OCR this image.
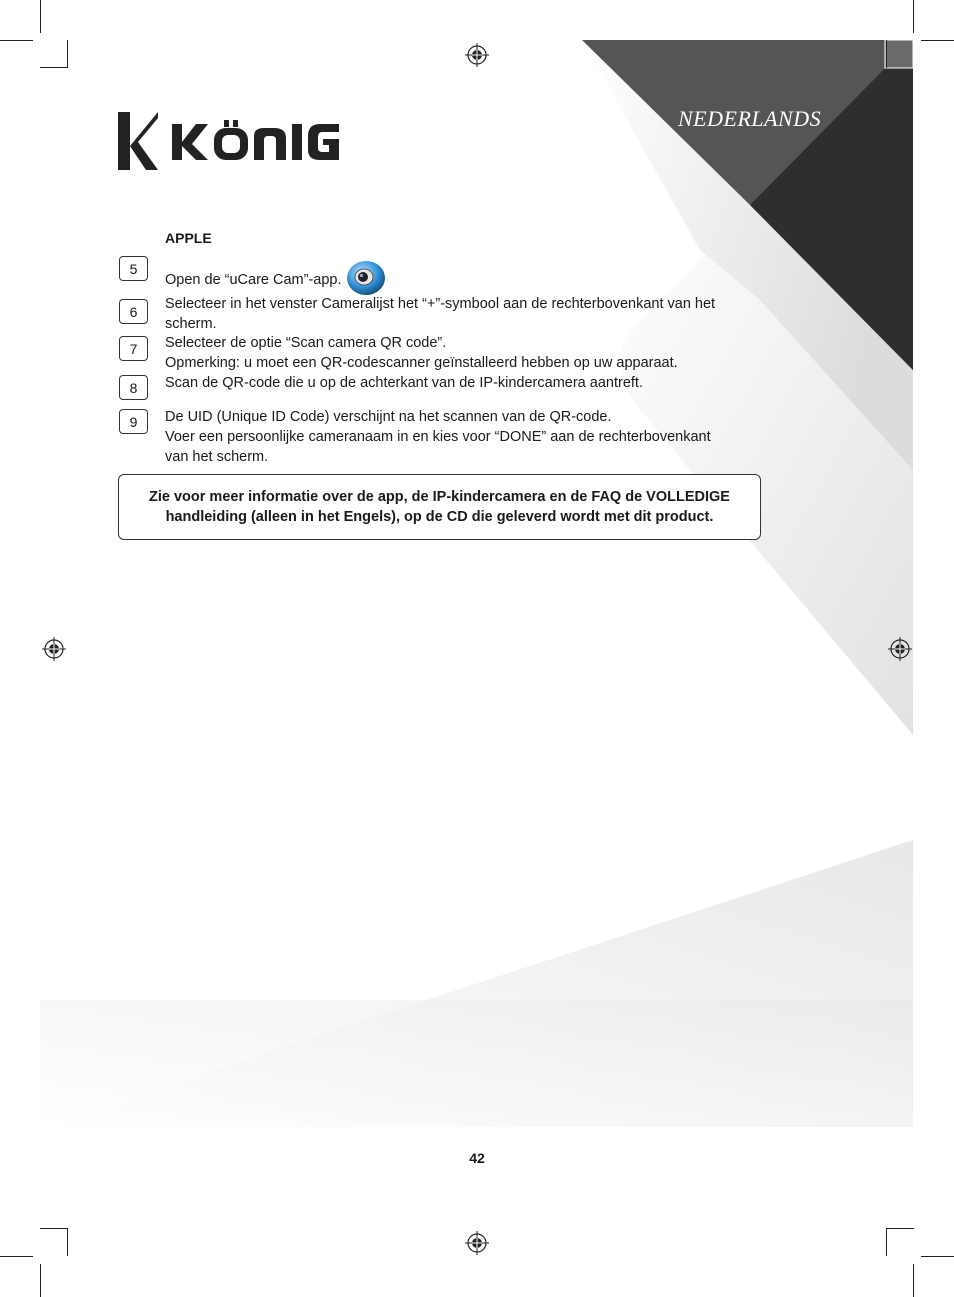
NEDERLANDS
APPLE
5
Open de “uCare Cam”-app.
6	Selecteer in het venster Cameralijst het “+”-symbool aan de rechterbovenkant van het
scherm.
7	Selecteer de optie “Scan camera QR code”.
Opmerking: u moet een QR-codescanner geïnstalleerd hebben op uw apparaat.
8	Scan de QR-code die u op de achterkant van de IP-kindercamera aantreft.
9	De UID (Unique ID Code) verschijnt na het scannen van de QR-code.
Voer een persoonlijke cameranaam in en kies voor “DONE” aan de rechterbovenkant
van het scherm.
Zie voor meer informatie over de app, de IP-kindercamera en de FAQ de VOLLEDIGE
handleiding (alleen in het Engels), op de CD die geleverd wordt met dit product.
42
